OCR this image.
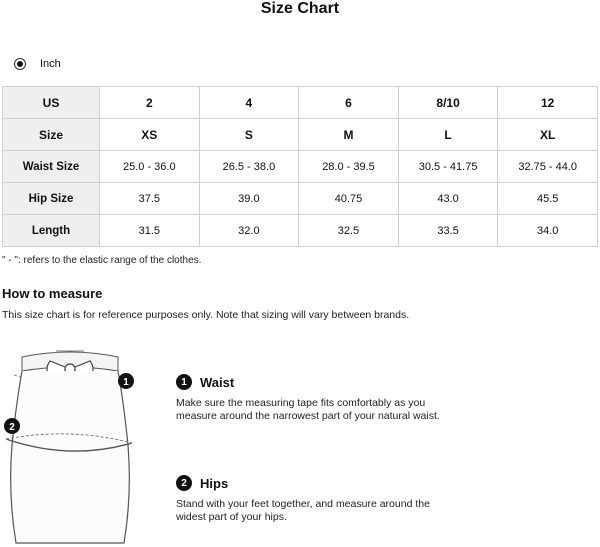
Size Chart
Inch
US	2	4	6	8/10	12
Size	XS	S	M	L	XL
Waist Size	25.0 - 36.0	26.5 - 38.0	28.0 - 39.5	30.5 - 41.75	32.75 - 44.0
Hip Size	37.5	39.0	40.75	43.0	45.5
Length	31.5	32.0	32.5	33.5	34.0
" - ": refers to the elastic range of the clothes.
How to measure
This size chart is for reference purposes only. Note that sizing will vary between brands.
1
2
1	Waist
Make sure the measuring tape fits comfortably as you measure around the narrowest part of your natural waist.
2	Hips
Stand with your feet together, and measure around the widest part of your hips.
